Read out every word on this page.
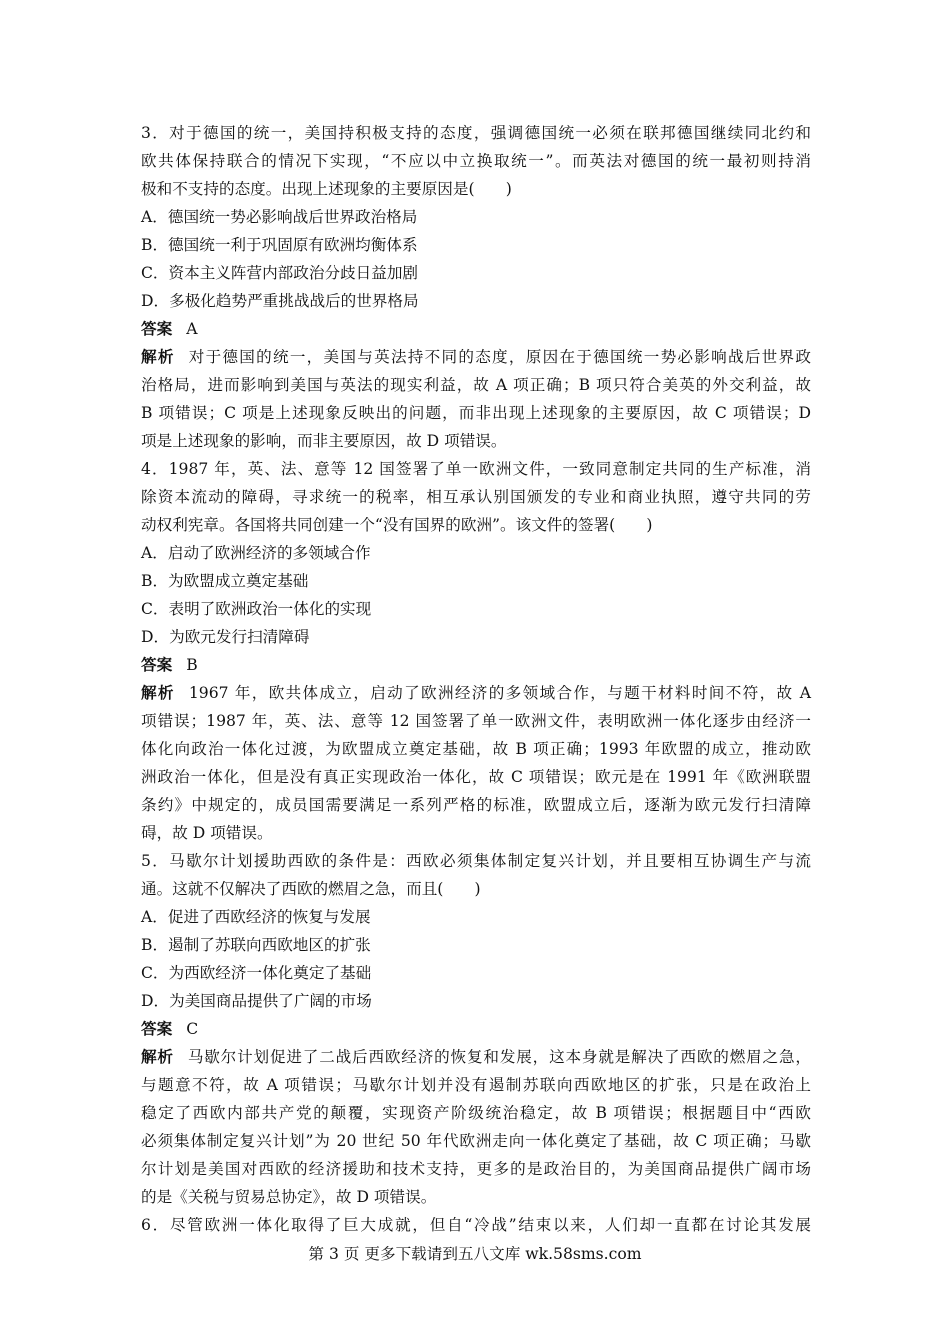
3．对于德国的统一，美国持积极支持的态度，强调德国统一必须在联邦德国继续同北约和
欧共体保持联合的情况下实现，“不应以中立换取统一”。而英法对德国的统一最初则持消
极和不支持的态度。出现上述现象的主要原因是(　　)
A．德国统一势必影响战后世界政治格局
B．德国统一利于巩固原有欧洲均衡体系
C．资本主义阵营内部政治分歧日益加剧
D．多极化趋势严重挑战战后的世界格局
答案 A
解析 对于德国的统一，美国与英法持不同的态度，原因在于德国统一势必影响战后世界政
治格局，进而影响到美国与英法的现实利益，故 A 项正确；B 项只符合美英的外交利益，故
B 项错误；C 项是上述现象反映出的问题，而非出现上述现象的主要原因，故 C 项错误；D
项是上述现象的影响，而非主要原因，故 D 项错误。
4．1987 年，英、法、意等 12 国签署了单一欧洲文件，一致同意制定共同的生产标准，消
除资本流动的障碍，寻求统一的税率，相互承认别国颁发的专业和商业执照，遵守共同的劳
动权利宪章。各国将共同创建一个“没有国界的欧洲”。该文件的签署(　　)
A．启动了欧洲经济的多领域合作
B．为欧盟成立奠定基础
C．表明了欧洲政治一体化的实现
D．为欧元发行扫清障碍
答案 B
解析 1967 年，欧共体成立，启动了欧洲经济的多领域合作，与题干材料时间不符，故 A
项错误；1987 年，英、法、意等 12 国签署了单一欧洲文件，表明欧洲一体化逐步由经济一
体化向政治一体化过渡，为欧盟成立奠定基础，故 B 项正确；1993 年欧盟的成立，推动欧
洲政治一体化，但是没有真正实现政治一体化，故 C 项错误；欧元是在 1991 年《欧洲联盟
条约》中规定的，成员国需要满足一系列严格的标准，欧盟成立后，逐渐为欧元发行扫清障
碍，故 D 项错误。
5．马歇尔计划援助西欧的条件是：西欧必须集体制定复兴计划，并且要相互协调生产与流
通。这就不仅解决了西欧的燃眉之急，而且(　　)
A．促进了西欧经济的恢复与发展
B．遏制了苏联向西欧地区的扩张
C．为西欧经济一体化奠定了基础
D．为美国商品提供了广阔的市场
答案 C
解析 马歇尔计划促进了二战后西欧经济的恢复和发展，这本身就是解决了西欧的燃眉之急，
与题意不符，故 A 项错误；马歇尔计划并没有遏制苏联向西欧地区的扩张，只是在政治上
稳定了西欧内部共产党的颠覆，实现资产阶级统治稳定，故 B 项错误；根据题目中“西欧
必须集体制定复兴计划”为 20 世纪 50 年代欧洲走向一体化奠定了基础，故 C 项正确；马歇
尔计划是美国对西欧的经济援助和技术支持，更多的是政治目的，为美国商品提供广阔市场
的是《关税与贸易总协定》，故 D 项错误。
6．尽管欧洲一体化取得了巨大成就，但自“冷战”结束以来，人们却一直都在讨论其发展
第 3 页 更多下载请到五八文库 wk.58sms.com
